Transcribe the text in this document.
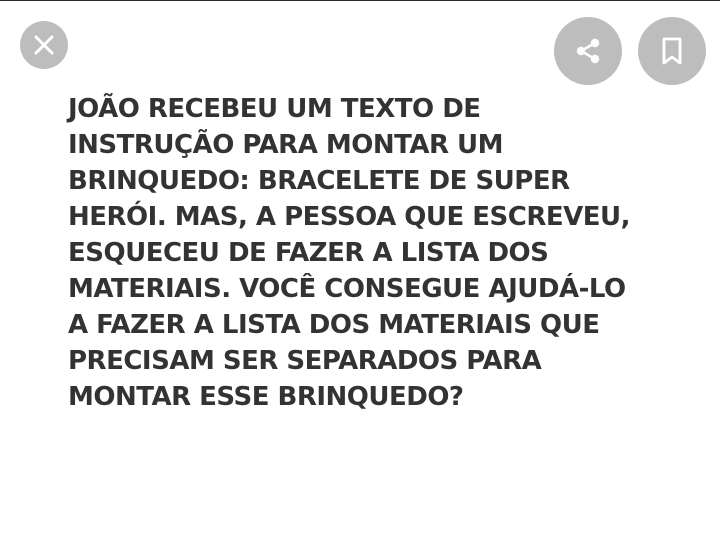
JOÃO RECEBEU UM TEXTO DE
INSTRUÇÃO PARA MONTAR UM
BRINQUEDO: BRACELETE DE SUPER
HERÓI. MAS, A PESSOA QUE ESCREVEU,
ESQUECEU DE FAZER A LISTA DOS
MATERIAIS. VOCÊ CONSEGUE AJUDÁ-LO
A FAZER A LISTA DOS MATERIAIS QUE
PRECISAM SER SEPARADOS PARA
MONTAR ESSE BRINQUEDO?
